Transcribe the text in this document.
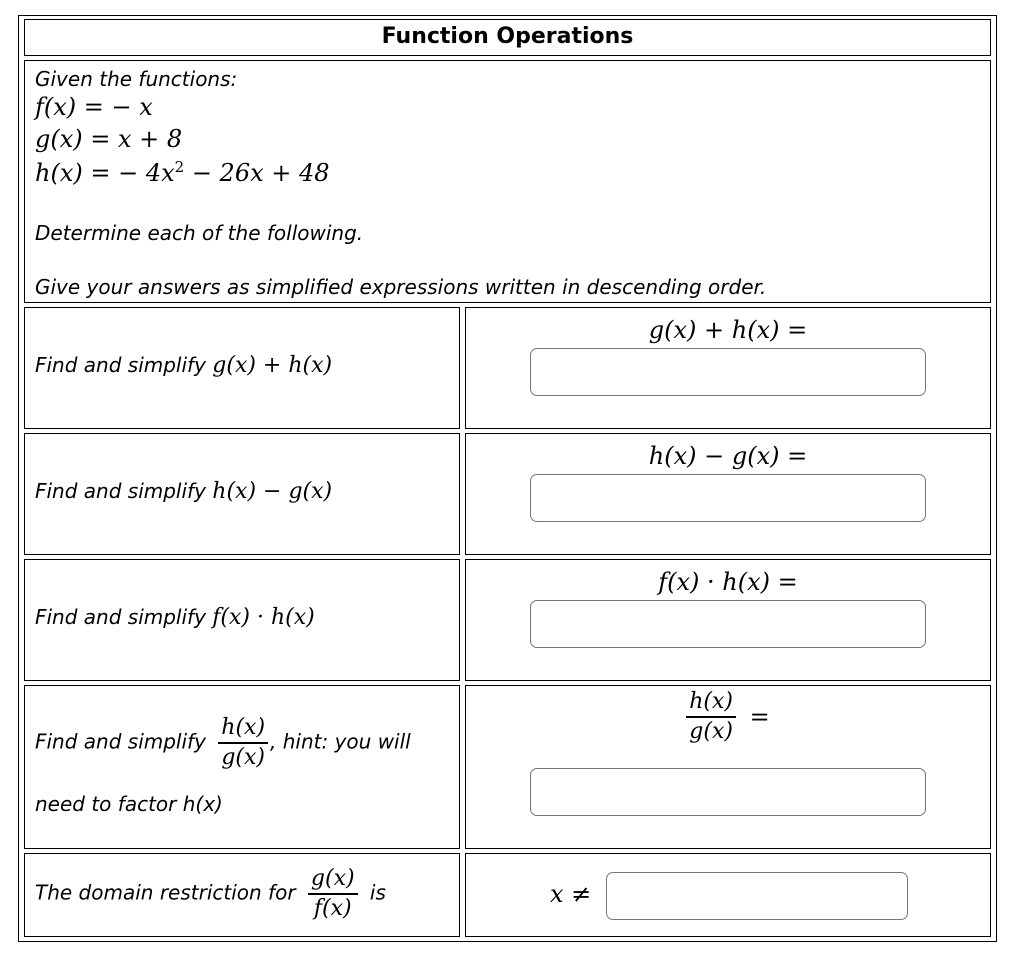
Function Operations
Given the functions:
f(x) = − x
g(x) = x + 8
h(x) = − $4x^2 - 26x + 48$
Determine each of the following.
Give your answers as simplified expressions written in descending order.
Find and simplify g(x) + h(x)
g(x) + h(x) =
Find and simplify h(x) − g(x)
h(x) − g(x) =
Find and simplify f(x) · h(x)
f(x) · h(x) =
Find and simplify $\frac{h(x)}{g(x)}$ , hint: you will
need to factor h(x)
$\frac{h(x)}{g(x)}$ =
The domain restriction for $\frac{g(x)}{f(x)}$ is	x ≠
